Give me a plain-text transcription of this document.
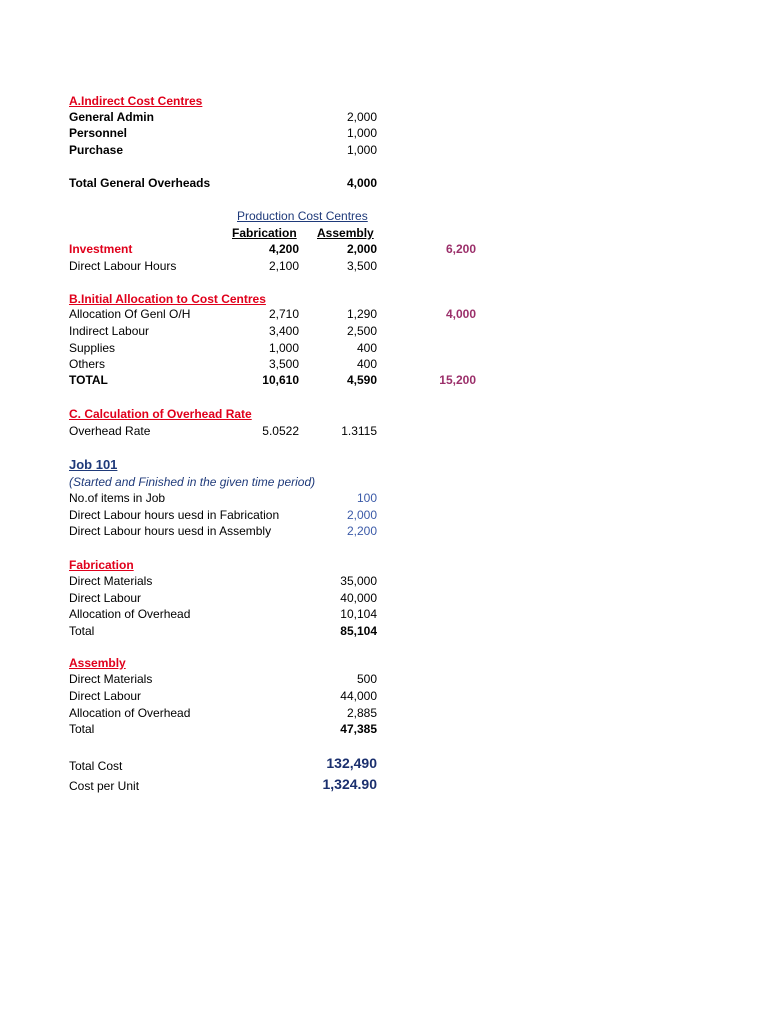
A.Indirect Cost Centres
General Admin	2,000
Personnel	1,000
Purchase	1,000
Total General Overheads	4,000
Production Cost Centres
Fabrication Assembly
Investment	4,200	2,000	6,200
Direct Labour Hours	2,100	3,500
B.Initial Allocation to Cost Centres
Allocation Of Genl O/H	2,710	1,290	4,000
Indirect Labour	3,400	2,500
Supplies	1,000	400
Others	3,500	400
TOTAL	10,610	4,590	15,200
C. Calculation of Overhead Rate
Overhead Rate	5.0522	1.3115
Job 101
(Started and Finished in the given time period)
No.of items in Job	100
Direct Labour hours uesd in Fabrication	2,000
Direct Labour hours uesd in Assembly	2,200
Fabrication
Direct Materials	35,000
Direct Labour	40,000
Allocation of Overhead	10,104
Total	85,104
Assembly
Direct Materials	500
Direct Labour	44,000
Allocation of Overhead	2,885
Total	47,385
Total Cost	132,490
Cost per Unit	1,324.90
